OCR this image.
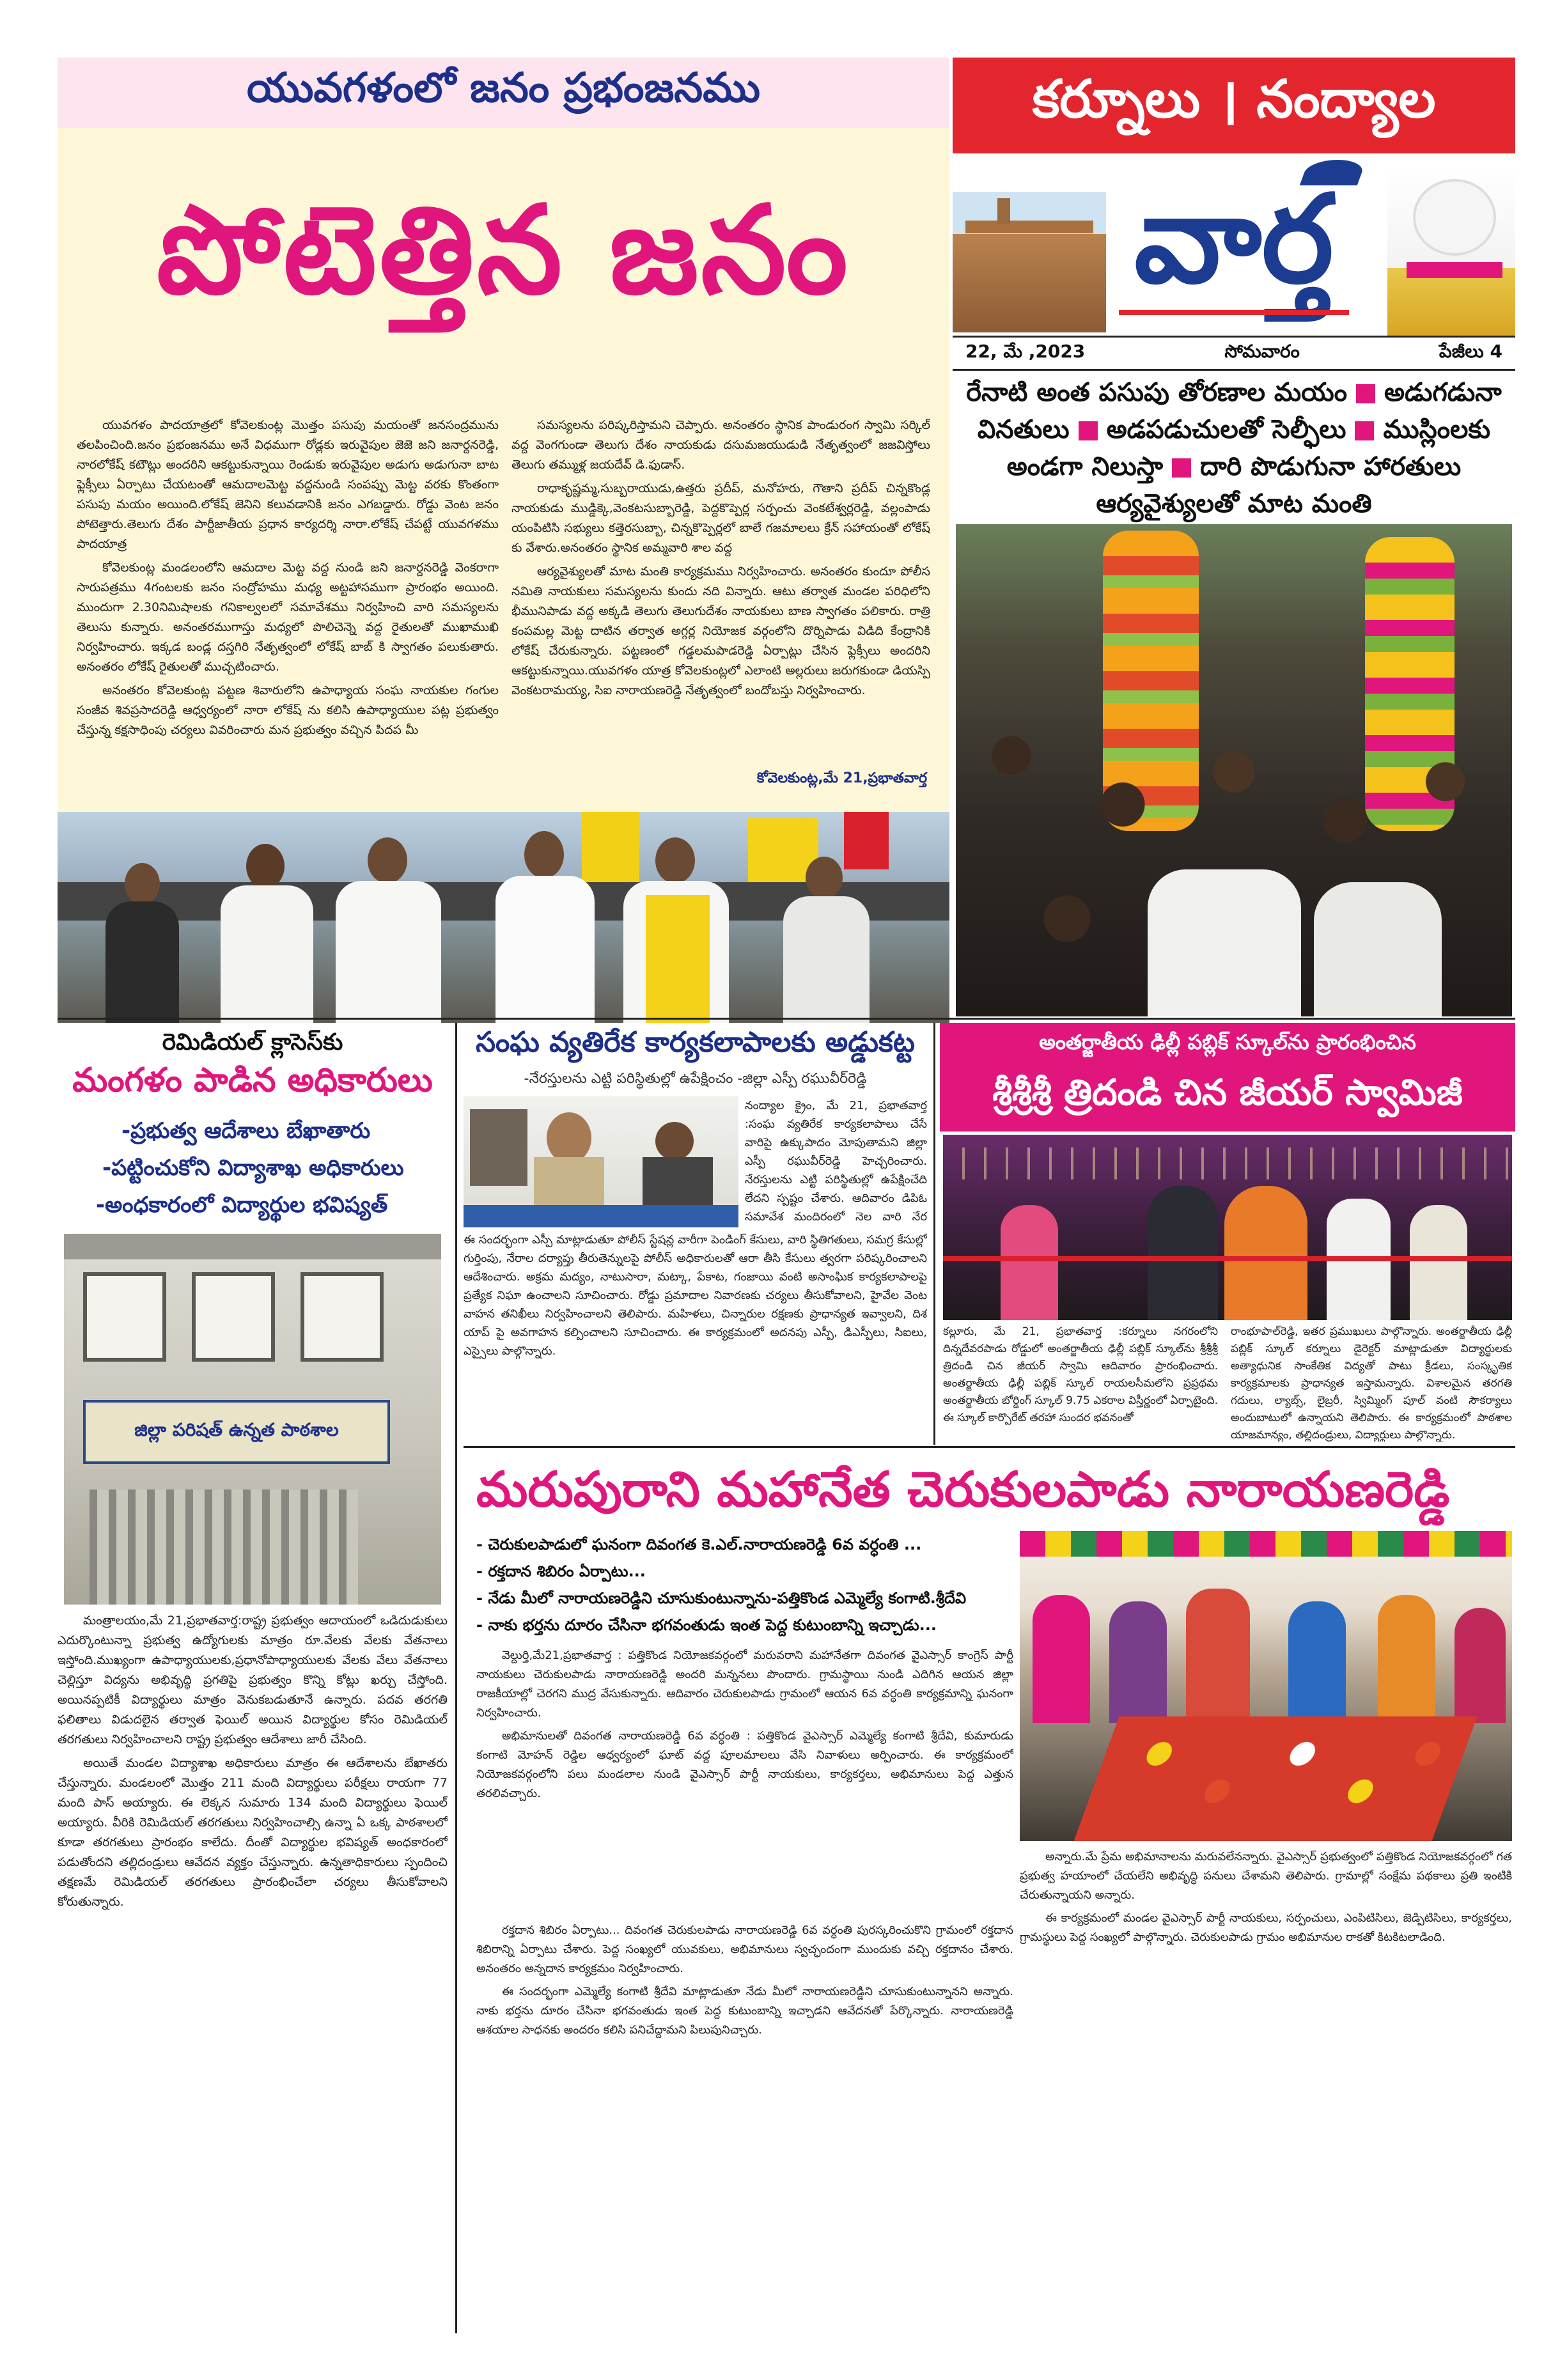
యువగళంలో జనం ప్రభంజనము
పోటెత్తిన జనం

యువగళం పాదయాత్రలో కోవెలకుంట్ల మొత్తం పసుపు మయంతో జనసంద్రమును తలపించింది.జనం ప్రభంజనము అనే విధముగా రోడ్లకు ఇరువైపుల జెజె జని జనార్దనరెడ్డి, నారలోకేష్ కటౌట్లు అందరిని ఆకట్టుకున్నాయి రెండుకు ఇరువైపుల అడుగు అడుగునా బాట ఫ్లెక్సీలు ఏర్పాటు చేయటంతో ఆమదాలమెట్ట వద్దనుండి సంపప్పు మెట్ట వరకు కొంతంగా పసుపు మయం అయింది.లోకేష్ జెనిని కలువడానికి జనం ఎగబడ్డారు. రోడ్డు వెంట జనం పోటెత్తారు.తెలుగు దేశం పార్టీజాతీయ ప్రధాన కార్యదర్శి నారా.లోకేష్ చేపట్టే యువగళము పాదయాత్ర

కోవెలకుంట్ల మండలంలోని ఆమదాల మెట్ట వద్ద నుండి జని జనార్దనరెడ్డి వెంకరాగా సారుపత్రము 4గంటలకు జనం సంద్రోహము మధ్య అట్టహాసముగా ప్రారంభం అయింది. ముందుగా 2.30నిమిషాలకు గనికాల్వలలో సమావేశము నిర్వహించి వారి సమస్యలను తెలుసు కున్నారు. అనంతరముగాస్తు మధ్యలో పొలిచెన్నె వద్ద రైతులతో ముఖాముఖి నిర్వహించారు. ఇక్కడ బండ్ల దస్తగిరి నేతృత్వంలో లోకేష్ బాబ్ కి స్వాగతం పలుకుతారు. అనంతరం లోకేష్ రైతులతో ముచ్చటించారు.

అనంతరం కోవెలకుంట్ల పట్టణ శివారులోని ఉపాధ్యాయ సంఘ నాయకుల గంగుల సంజీవ శివప్రసాదరెడ్డి ఆధ్వర్యంలో నారా లోకేష్ ను కలిసి ఉపాధ్యాయుల పట్ల ప్రభుత్వం చేస్తున్న కక్షసాధింపు చర్యలు వివరించారు మన ప్రభుత్వం వచ్చిన పిదప మీ

సమస్యలను పరిష్కరిస్తామని చెప్పారు. అనంతరం స్థానిక పాండురంగ స్వామి సర్కిల్ వద్ద వెంగగుండా తెలుగు దేశం నాయకుడు దసుమజయుడుడి నేతృత్వంలో జజవిస్తోలు తెలుగు తమ్ముళ్ల జయదేవ్ డి.ఫుడాస్.

రాధాకృష్ణమ్మ,సుబ్బరాయుడు,ఉత్తరు ప్రదీప్, మనోహరు, గౌతాని ప్రదీప్ చిన్నకొండ్ల నాయకుడు ముడ్డిక్కె,వెంకటసుబ్బారెడ్డి, పెద్దకొప్పెర్ల సర్పంచు వెంకటేశ్వర్లరెడ్డి, వల్లంపాడు యంపిటిసి సభ్యులు కత్తెరసుబ్బా, చిన్నకొప్పెర్లలో బాలే గజమాలలు క్రేన్ సహాయంతో లోకేష్ కు వేశారు.అనంతరం స్థానిక అమ్మవారి శాల వద్ద

ఆర్యవైశ్యులతో మాట మంతి కార్యక్రమము నిర్వహించారు. అనంతరం కుందూ పోలీస నమితి నాయకులు సమస్యలను కుందు నది విన్నారు. ఆటు తర్వాత మండల పరిధిలోని భీమునిపాడు వద్ద అక్కడి తెలుగు తెలుగుదేశం నాయకులు బాణ స్వాగతం పలికారు. రాత్రి కంపమల్ల మెట్ట దాటిన తర్వాత అగ్గర్ల నియోజక వర్గంలోని దొర్నిపాడు విడిది కేంద్రానికి లోకేష్ చేరుకున్నారు. పట్టణంలో గడ్డలమపాడరెడ్డి ఏర్పాట్లు చేసిన ఫ్లెక్సీలు అందరిని ఆకట్టుకున్నాయి.యువగళం యాత్ర కోవెలకుంట్లలో ఎలాంటి అల్లరులు జరుగకుండా డియస్పి వెంకటరామయ్య, సిఐ నారాయణరెడ్డి నేతృత్వంలో బందోబస్తు నిర్వహించారు.

కోవెలకుంట్ల,మే 21,ప్రభాతవార్త
కర్నూలు । నంద్యాల
వార్త
22, మే ,2023	సోమవారం	పేజీలు 4
రేనాటి అంత పసుపు తోరణాల మయం అడుగడునా
వినతులు అడపడుచులతో సెల్ఫీలు ముస్లింలకు
అండగా నిలుస్తా దారి పొడుగునా హారతులు
ఆర్యవైశ్యులతో మాట మంతి
రెమిడియల్ క్లాసెస్‌కు
మంగళం పాడిన అధికారులు
-ప్రభుత్వ ఆదేశాలు బేఖాతారు
-పట్టించుకోని విద్యాశాఖ అధికారులు
-అంధకారంలో విద్యార్థుల భవిష్యత్
జిల్లా పరిషత్ ఉన్నత పాఠశాల

మంత్రాలయం,మే 21,ప్రభాతవార్త:రాష్ట్ర ప్రభుత్వం ఆదాయంలో ఒడిదుడుకులు ఎదుర్కొంటున్నా ప్రభుత్వ ఉద్యోగులకు మాత్రం రూ.వేలకు వేలకు వేతనాలు ఇస్తోంది.ముఖ్యంగా ఉపాధ్యాయులకు,ప్రధానోపాధ్యాయులకు వేలకు వేలు వేతనాలు చెల్లిస్తూ విద్యను అభివృద్ధి ప్రగతిపై ప్రభుత్వం కొన్ని కోట్లు ఖర్చు చేస్తోంది. అయినప్పటికీ విద్యార్థులు మాత్రం వెనుకబడుతూనే ఉన్నారు. పదవ తరగతి ఫలితాలు విడుదలైన తర్వాత ఫెయిల్ అయిన విద్యార్థుల కోసం రెమిడియల్ తరగతులు నిర్వహించాలని రాష్ట్ర ప్రభుత్వం ఆదేశాలు జారీ చేసింది.

అయితే మండల విద్యాశాఖ అధికారులు మాత్రం ఈ ఆదేశాలను బేఖాతరు చేస్తున్నారు. మండలంలో మొత్తం 211 మంది విద్యార్థులు పరీక్షలు రాయగా 77 మంది పాస్ అయ్యారు. ఈ లెక్కన సుమారు 134 మంది విద్యార్థులు ఫెయిల్ అయ్యారు. వీరికి రెమిడియల్ తరగతులు నిర్వహించాల్సి ఉన్నా ఏ ఒక్క పాఠశాలలో కూడా తరగతులు ప్రారంభం కాలేదు. దీంతో విద్యార్థుల భవిష్యత్ అంధకారంలో పడుతోందని తల్లిదండ్రులు ఆవేదన వ్యక్తం చేస్తున్నారు. ఉన్నతాధికారులు స్పందించి తక్షణమే రెమిడియల్ తరగతులు ప్రారంభించేలా చర్యలు తీసుకోవాలని కోరుతున్నారు.

సంఘ వ్యతిరేక కార్యకలాపాలకు అడ్డుకట్ట
-నేరస్తులను ఎట్టి పరిస్థితుల్లో ఉపేక్షించం -జిల్లా ఎస్పీ రఘువీర్‌రెడ్డి

నంద్యాల క్రైం, మే 21, ప్రభాతవార్త :సంఘ వ్యతిరేక కార్యకలాపాలు చేసే వారిపై ఉక్కుపాదం మోపుతామని జిల్లా ఎస్పీ రఘువీర్‌రెడ్డి హెచ్చరించారు. నేరస్తులను ఎట్టి పరిస్థితుల్లో ఉపేక్షించేది లేదని స్పష్టం చేశారు. ఆదివారం డిపిఓ సమావేశ మందిరంలో నెల వారి నేర

ఈ సందర్భంగా ఎస్పీ మాట్లాడుతూ పోలీస్ స్టేషన్ల వారీగా పెండింగ్ కేసులు, వారి స్థితిగతులు, సమగ్ర కేసుల్లో గుర్తింపు, నేరాల దర్యాప్తు తీరుతెన్నులపై పోలీస్ అధికారులతో ఆరా తీసి కేసులు త్వరగా పరిష్కరించాలని ఆదేశించారు. అక్రమ మద్యం, నాటుసారా, మట్కా, పేకాట, గంజాయి వంటి అసాంఘిక కార్యకలాపాలపై ప్రత్యేక నిఘా ఉంచాలని సూచించారు. రోడ్డు ప్రమాదాల నివారణకు చర్యలు తీసుకోవాలని, హైవేల వెంట వాహన తనిఖీలు నిర్వహించాలని తెలిపారు. మహిళలు, చిన్నారుల రక్షణకు ప్రాధాన్యత ఇవ్వాలని, దిశ యాప్ పై అవగాహన కల్పించాలని సూచించారు. ఈ కార్యక్రమంలో అదనపు ఎస్పీ, డిఎస్పీలు, సిఐలు, ఎస్సైలు పాల్గొన్నారు.

అంతర్జాతీయ ఢిల్లీ పబ్లిక్ స్కూల్‌ను ప్రారంభించిన
శ్రీశ్రీశ్రీ త్రిదండి చిన జీయర్ స్వామిజీ

కల్లూరు, మే 21, ప్రభాతవార్త :కర్నూలు నగరంలోని దిన్నదేవరపాడు రోడ్డులో అంతర్జాతీయ ఢిల్లీ పబ్లిక్ స్కూల్‌ను శ్రీశ్రీశ్రీ త్రిదండి చిన జీయర్ స్వామి ఆదివారం ప్రారంభించారు. అంతర్జాతీయ ఢిల్లీ పబ్లిక్ స్కూల్ రాయలసీమలోని ప్రప్రథమ అంతర్జాతీయ బోర్డింగ్ స్కూల్ 9.75 ఎకరాల విస్తీర్ణంలో ఏర్పాటైంది. ఈ స్కూల్ కార్పొరేట్ తరహా సుందర భవనంతో

రాంభూపాల్‌రెడ్డి, ఇతర ప్రముఖులు పాల్గొన్నారు. అంతర్జాతీయ ఢిల్లీ పబ్లిక్ స్కూల్ కర్నూలు డైరెక్టర్ మాట్లాడుతూ విద్యార్థులకు అత్యాధునిక సాంకేతిక విద్యతో పాటు క్రీడలు, సంస్కృతిక కార్యక్రమాలకు ప్రాధాన్యత ఇస్తామన్నారు. విశాలమైన తరగతి గదులు, ల్యాబ్స్, లైబ్రరీ, స్విమ్మింగ్ పూల్ వంటి సౌకర్యాలు అందుబాటులో ఉన్నాయని తెలిపారు. ఈ కార్యక్రమంలో పాఠశాల యాజమాన్యం, తల్లిదండ్రులు, విద్యార్థులు పాల్గొన్నారు.

మరుపురాని మహానేత చెరుకులపాడు నారాయణరెడ్డి
- చెరుకులపాడులో ఘనంగా దివంగత కె.ఎల్.నారాయణరెడ్డి 6వ వర్ధంతి ...
- రక్తదాన శిబిరం ఏర్పాటు...
- నేడు మీలో నారాయణరెడ్డిని చూసుకుంటున్నాను-పత్తికొండ ఎమ్మెల్యే కంగాటి.శ్రీదేవి
- నాకు భర్తను దూరం చేసినా భగవంతుడు ఇంత పెద్ద కుటుంబాన్ని ఇచ్చాడు...

వెల్దుర్తి,మే21,ప్రభాతవార్త : పత్తికొండ నియోజకవర్గంలో మరువరాని మహానేతగా దివంగత వైఎస్సార్ కాంగ్రెస్ పార్టీ నాయకులు చెరుకులపాడు నారాయణరెడ్డి అందరి మన్ననలు పొందారు. గ్రామస్థాయి నుండి ఎదిగిన ఆయన జిల్లా రాజకీయాల్లో చెరగని ముద్ర వేసుకున్నారు. ఆదివారం చెరుకులపాడు గ్రామంలో ఆయన 6వ వర్ధంతి కార్యక్రమాన్ని ఘనంగా నిర్వహించారు.

అభిమానులతో దివంగత నారాయణరెడ్డి 6వ వర్ధంతి : పత్తికొండ వైఎస్సార్ ఎమ్మెల్యే కంగాటి శ్రీదేవి, కుమారుడు కంగాటి మోహన్ రెడ్డిల ఆధ్వర్యంలో ఘాట్ వద్ద పూలమాలలు వేసి నివాళులు అర్పించారు. ఈ కార్యక్రమంలో నియోజకవర్గంలోని పలు మండలాల నుండి వైఎస్సార్ పార్టీ నాయకులు, కార్యకర్తలు, అభిమానులు పెద్ద ఎత్తున తరలివచ్చారు.

రక్తదాన శిబిరం ఏర్పాటు... దివంగత చెరుకులపాడు నారాయణరెడ్డి 6వ వర్ధంతి పురస్కరించుకొని గ్రామంలో రక్తదాన శిబిరాన్ని ఏర్పాటు చేశారు. పెద్ద సంఖ్యలో యువకులు, అభిమానులు స్వచ్ఛందంగా ముందుకు వచ్చి రక్తదానం చేశారు. అనంతరం అన్నదాన కార్యక్రమం నిర్వహించారు.

ఈ సందర్భంగా ఎమ్మెల్యే కంగాటి శ్రీదేవి మాట్లాడుతూ నేడు మీలో నారాయణరెడ్డిని చూసుకుంటున్నానని అన్నారు. నాకు భర్తను దూరం చేసినా భగవంతుడు ఇంత పెద్ద కుటుంబాన్ని ఇచ్చాడని ఆవేదనతో పేర్కొన్నారు. నారాయణరెడ్డి ఆశయాల సాధనకు అందరం కలిసి పనిచేద్దామని పిలుపునిచ్చారు.

అన్నారు.మే ప్రేమ అభిమానాలను మరువలేనన్నారు. వైఎస్సార్ ప్రభుత్వంలో పత్తికొండ నియోజకవర్గంలో గత ప్రభుత్వ హయాంలో చేయలేని అభివృద్ధి పనులు చేశామని తెలిపారు. గ్రామాల్లో సంక్షేమ పథకాలు ప్రతి ఇంటికి చేరుతున్నాయని అన్నారు.

ఈ కార్యక్రమంలో మండల వైఎస్సార్ పార్టీ నాయకులు, సర్పంచులు, ఎంపిటిసిలు, జెడ్పిటిసిలు, కార్యకర్తలు, గ్రామస్థులు పెద్ద సంఖ్యలో పాల్గొన్నారు. చెరుకులపాడు గ్రామం అభిమానుల రాకతో కిటకిటలాడింది.
